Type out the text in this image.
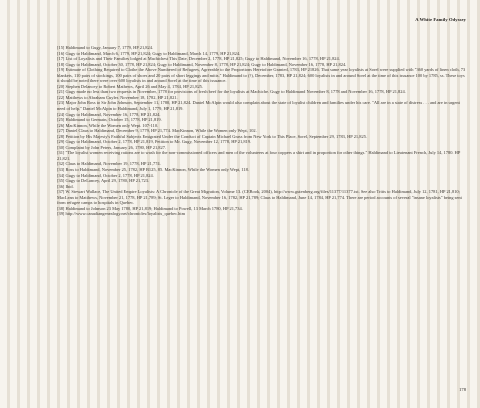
A White Family Odyssey

[15] Haldimand to Gugy, January 7, 1779, HP 21,824.

[16] Gugy to Haldimand, March 6, 1779, HP 21,824; Gugy to Haldimand, March 14, 1779, HP 21,824.

[17] List of Loyalists and Their Families lodged at Machichest This Date, December 2, 1778, HP 21,825; Gugy to Haldimand, November 16, 1778, HP 21,824.

[18] Gugy to Haldimand, October 30, 1778, HP 21,824; Gugy to Haldimand, November 8, 1778, HP 21,824; Gugy to Haldimand, November 16, 1778, HP 21,824.

[19] Estimate of Clothing Required to Clothe the Above Numbered of Refugees, Agreeable to the Proportions Heretofore Granted, 1783, HP 21826. That same year loyalists at Sorel were supplied with "360 yards of linen cloth, 73 blankets, 110 pairs of stockings, 100 pairs of shoes and 20 pairs of short leggings and mitts." Haldimand to (?), December, 1783, HP 21,824; 600 loyalists in and around Sorel at the time of this issuance 100 by 1785, ss. These toys it should be noted there were over 600 loyalists in and around Sorel at the time of this issuance.

[20] Stephen Delancey to Robert Mathews, April 26 and May 4, 1784, HP 21,825.

[21] Gugy made no less than two requests in November, 1778 for provisions of fresh beef for the loyalists at Machiche. Gugy to Haldimand November 8, 1778 and November 16, 1778, HP 21,824.

[22] Matthews to Abraham Cuyler. November 18, 1782, HP 21,821.

[23] Major John Ross to Sir John Johnson, September 11, 1780, HP 21,824. Daniel McAlpin would also complain about the state of loyalist children and families under his care. "All are in a state of distress . . . and are in urgent need of help." Daniel McAlpin to Haldimand, July 1, 1779, HP 21,819.

[24] Gugy to Haldimand, November 16, 1778, HP 21,824.

[25] Haldimand to Germain, October 15, 1778, HP 21,819.

[26] MacKinnon, While the Women only Wept. 107-110.

[27] Daniel Claus to Haldimand, December 9, 1779, HP 21,774. MacKinnon, While the Women only Wept, 102.

[28] Petition by His Majesty's Faithful Subjects Emigrated Under the Conduct of Captain Michael Grass from New York to This Place, Sorel, September 29, 1783, HP 21,825.

[29] Gugy to Haldimand, October 2, 1778, HP 21,819, Petition to Mr. Gugy, November 12, 1778, HP 21,819.

[30] Complaint by John Peters, January 26, 1780, HP 21,827.

[31] "The loyalist women receiving rations are to wash for the non-commissioned officers and men of the volunteers at four coppers a shirt and in proportion for other things." Haldimand to Lieutenant French, July 14, 1780. HP 21,821.

[32] Claus to Haldimand, November 19, 1778, HP 21,774.

[33] Ross to Haldimand, November 25, 1782, HP B125, 85. MacKinnon, While the Women only Wept, 118.

[34] Gugy to Haldimand, October 2, 1778, HP 21,824.

[35] Gugy to DeLancey, April 29, 1780, HP 21,723.

[36] Ibid.

[37] W. Stewart Wallace, The United Empire Loyalists: A Chronicle of the Great Migration, Volume 13. (CEBook, 2004), http://www.gutenberg.org/files/11377/11377.txt. See also Tritts to Haldimand, July 12, 1781, HP 21,810; MacLean to Matthews, November 21, 1778, HP 21,789; St. Leger to Haldimand, November 16, 1782, HP 21,789; Claus to Haldimand, June 14, 1784, HP 21,774. There are period accounts of several "insane loyalists" being sent from refugee camps to hospitals in Quebec.

[38] Haldimand to Johnson 23 May 1780, HP 21,819; Haldimand to Powell, 13 March 1780, HP 21,734.

[39] http://www.canadiangenealogy.net/chronicles/loyalists_quebec.htm

178
